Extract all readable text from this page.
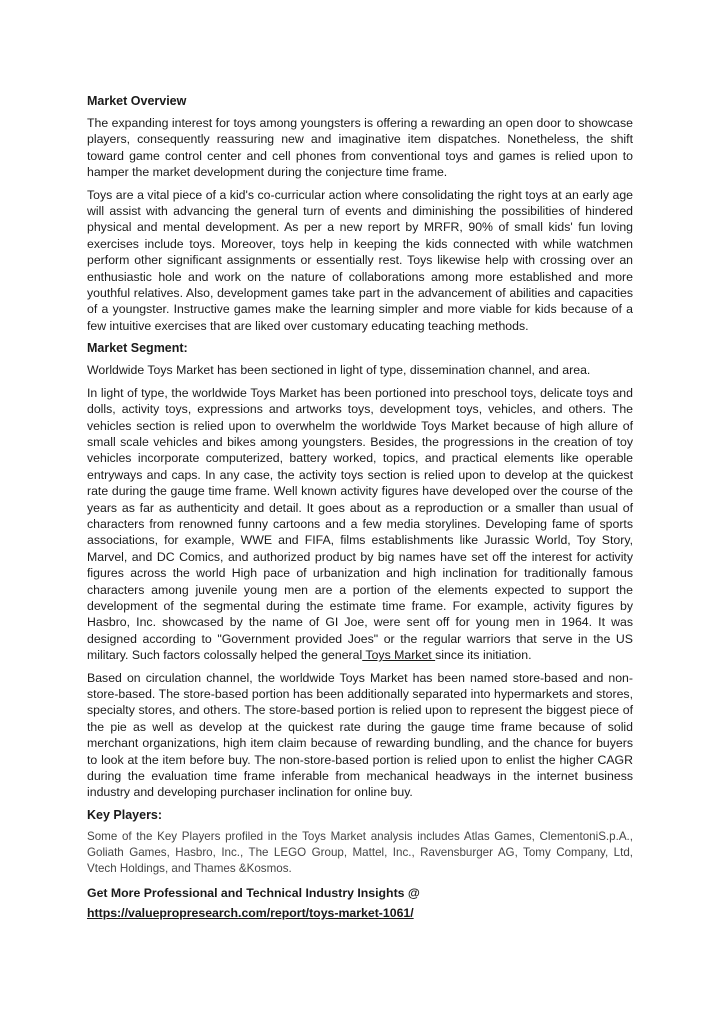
Market Overview

The expanding interest for toys among youngsters is offering a rewarding an open door to showcase players, consequently reassuring new and imaginative item dispatches. Nonetheless, the shift toward game control center and cell phones from conventional toys and games is relied upon to hamper the market development during the conjecture time frame.

Toys are a vital piece of a kid's co-curricular action where consolidating the right toys at an early age will assist with advancing the general turn of events and diminishing the possibilities of hindered physical and mental development. As per a new report by MRFR, 90% of small kids' fun loving exercises include toys. Moreover, toys help in keeping the kids connected with while watchmen perform other significant assignments or essentially rest. Toys likewise help with crossing over an enthusiastic hole and work on the nature of collaborations among more established and more youthful relatives. Also, development games take part in the advancement of abilities and capacities of a youngster. Instructive games make the learning simpler and more viable for kids because of a few intuitive exercises that are liked over customary educating teaching methods.

Market Segment:

Worldwide Toys Market has been sectioned in light of type, dissemination channel, and area.

In light of type, the worldwide Toys Market has been portioned into preschool toys, delicate toys and dolls, activity toys, expressions and artworks toys, development toys, vehicles, and others. The vehicles section is relied upon to overwhelm the worldwide Toys Market because of high allure of small scale vehicles and bikes among youngsters. Besides, the progressions in the creation of toy vehicles incorporate computerized, battery worked, topics, and practical elements like operable entryways and caps. In any case, the activity toys section is relied upon to develop at the quickest rate during the gauge time frame. Well known activity figures have developed over the course of the years as far as authenticity and detail. It goes about as a reproduction or a smaller than usual of characters from renowned funny cartoons and a few media storylines. Developing fame of sports associations, for example, WWE and FIFA, films establishments like Jurassic World, Toy Story, Marvel, and DC Comics, and authorized product by big names have set off the interest for activity figures across the world High pace of urbanization and high inclination for traditionally famous characters among juvenile young men are a portion of the elements expected to support the development of the segmental during the estimate time frame. For example, activity figures by Hasbro, Inc. showcased by the name of GI Joe, were sent off for young men in 1964. It was designed according to "Government provided Joes" or the regular warriors that serve in the US military. Such factors colossally helped the general Toys Market since its initiation.

Based on circulation channel, the worldwide Toys Market has been named store-based and non-store-based. The store-based portion has been additionally separated into hypermarkets and stores, specialty stores, and others. The store-based portion is relied upon to represent the biggest piece of the pie as well as develop at the quickest rate during the gauge time frame because of solid merchant organizations, high item claim because of rewarding bundling, and the chance for buyers to look at the item before buy. The non-store-based portion is relied upon to enlist the higher CAGR during the evaluation time frame inferable from mechanical headways in the internet business industry and developing purchaser inclination for online buy.

Key Players:

Some of the Key Players profiled in the Toys Market analysis includes Atlas Games, ClementoniS.p.A., Goliath Games, Hasbro, Inc., The LEGO Group, Mattel, Inc., Ravensburger AG, Tomy Company, Ltd, Vtech Holdings, and Thames &Kosmos.

Get More Professional and Technical Industry Insights @ https://valuepropresearch.com/report/toys-market-1061/
